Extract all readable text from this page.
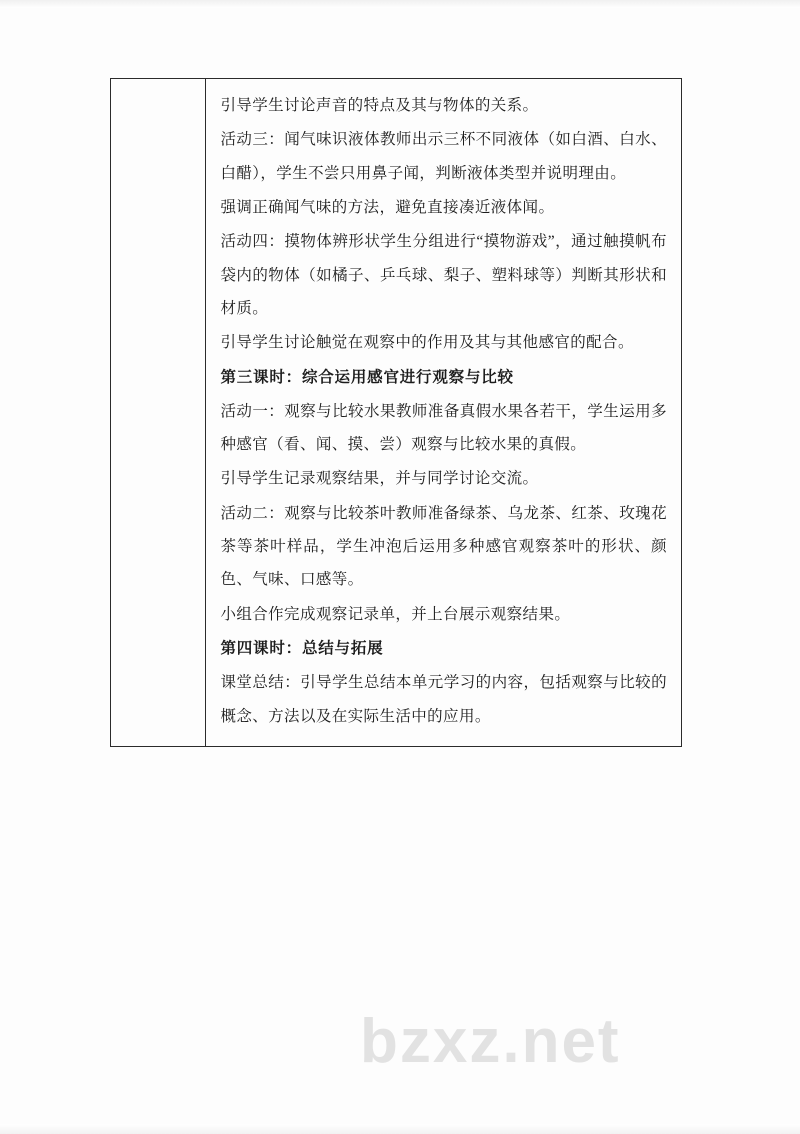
引导学生讨论声音的特点及其与物体的关系。
活动三：闻气味识液体教师出示三杯不同液体（如白酒、白水、白醋），学生不尝只用鼻子闻，判断液体类型并说明理由。
强调正确闻气味的方法，避免直接凑近液体闻。
活动四：摸物体辨形状学生分组进行“摸物游戏”，通过触摸帆布袋内的物体（如橘子、乒乓球、梨子、塑料球等）判断其形状和材质。
引导学生讨论触觉在观察中的作用及其与其他感官的配合。
第三课时：综合运用感官进行观察与比较
活动一：观察与比较水果教师准备真假水果各若干，学生运用多种感官（看、闻、摸、尝）观察与比较水果的真假。
引导学生记录观察结果，并与同学讨论交流。
活动二：观察与比较茶叶教师准备绿茶、乌龙茶、红茶、玫瑰花茶等茶叶样品，学生冲泡后运用多种感官观察茶叶的形状、颜色、气味、口感等。
小组合作完成观察记录单，并上台展示观察结果。
第四课时：总结与拓展
课堂总结：引导学生总结本单元学习的内容，包括观察与比较的概念、方法以及在实际生活中的应用。
bzxz.net
